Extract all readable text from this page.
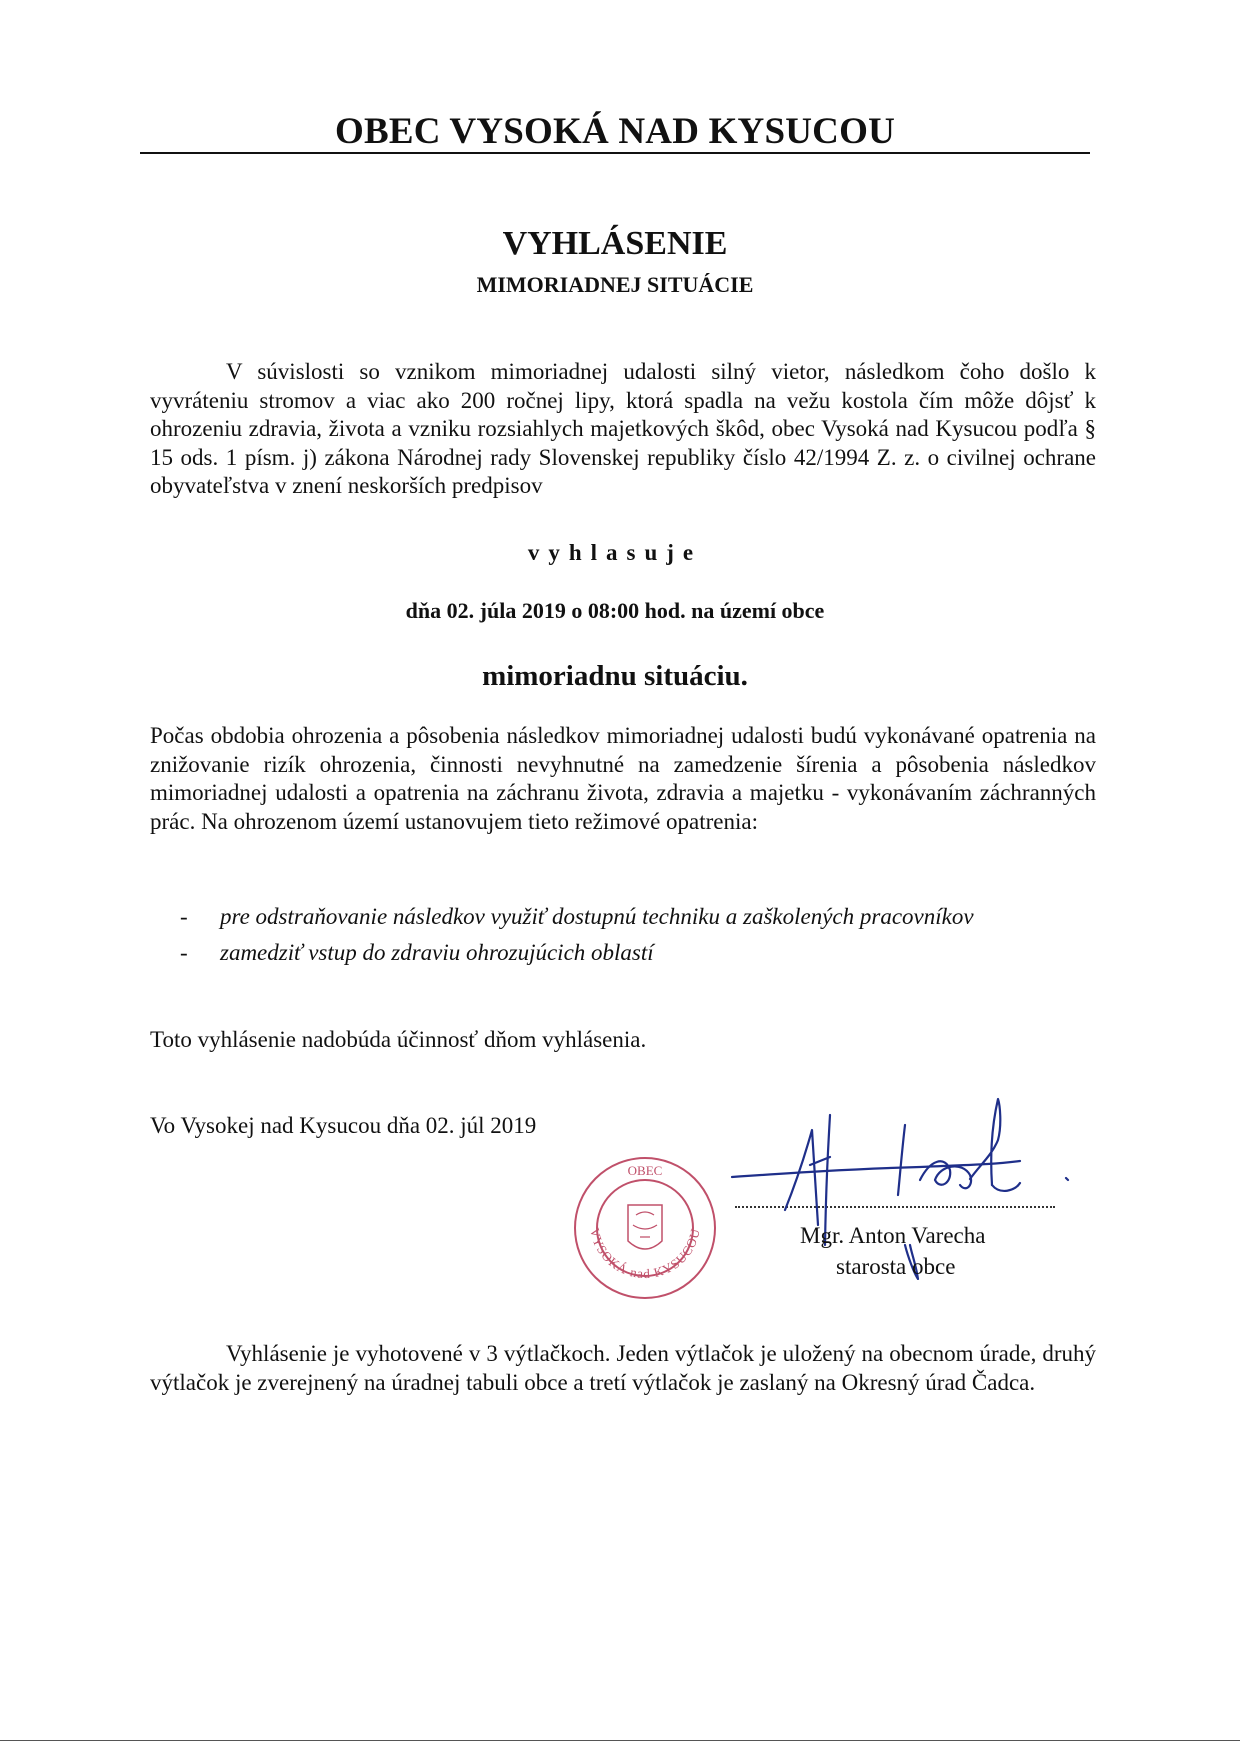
OBEC VYSOKÁ NAD KYSUCOU
VYHLÁSENIE
MIMORIADNEJ SITUÁCIE
V súvislosti so vznikom mimoriadnej udalosti silný vietor, následkom čoho došlo k vyvráteniu stromov a viac ako 200 ročnej lipy, ktorá spadla na vežu kostola čím môže dôjsť k ohrozeniu zdravia, života a vzniku rozsiahlych majetkových škôd, obec Vysoká nad Kysucou podľa § 15 ods. 1 písm. j) zákona Národnej rady Slovenskej republiky číslo 42/1994 Z. z. o civilnej ochrane obyvateľstva v znení neskorších predpisov
vyhlasuje
dňa 02. júla 2019 o 08:00 hod. na území obce
mimoriadnu situáciu.
Počas obdobia ohrozenia a pôsobenia následkov mimoriadnej udalosti budú vykonávané opatrenia na znižovanie rizík ohrozenia, činnosti nevyhnutné na zamedzenie šírenia a pôsobenia následkov mimoriadnej udalosti a opatrenia na záchranu života, zdravia a majetku - vykonávaním záchranných prác. Na ohrozenom území ustanovujem tieto režimové opatrenia:
- pre odstraňovanie následkov využiť dostupnú techniku a zaškolených pracovníkov
- zamedziť vstup do zdraviu ohrozujúcich oblastí
Toto vyhlásenie nadobúda účinnosť dňom vyhlásenia.
Vo Vysokej nad Kysucou dňa 02. júl 2019
OBEC
VYSOKÁ nad KYSUCOU	Mgr. Anton Varecha
starosta obce
Vyhlásenie je vyhotovené v 3 výtlačkoch. Jeden výtlačok je uložený na obecnom úrade, druhý výtlačok je zverejnený na úradnej tabuli obce a tretí výtlačok je zaslaný na Okresný úrad Čadca.
